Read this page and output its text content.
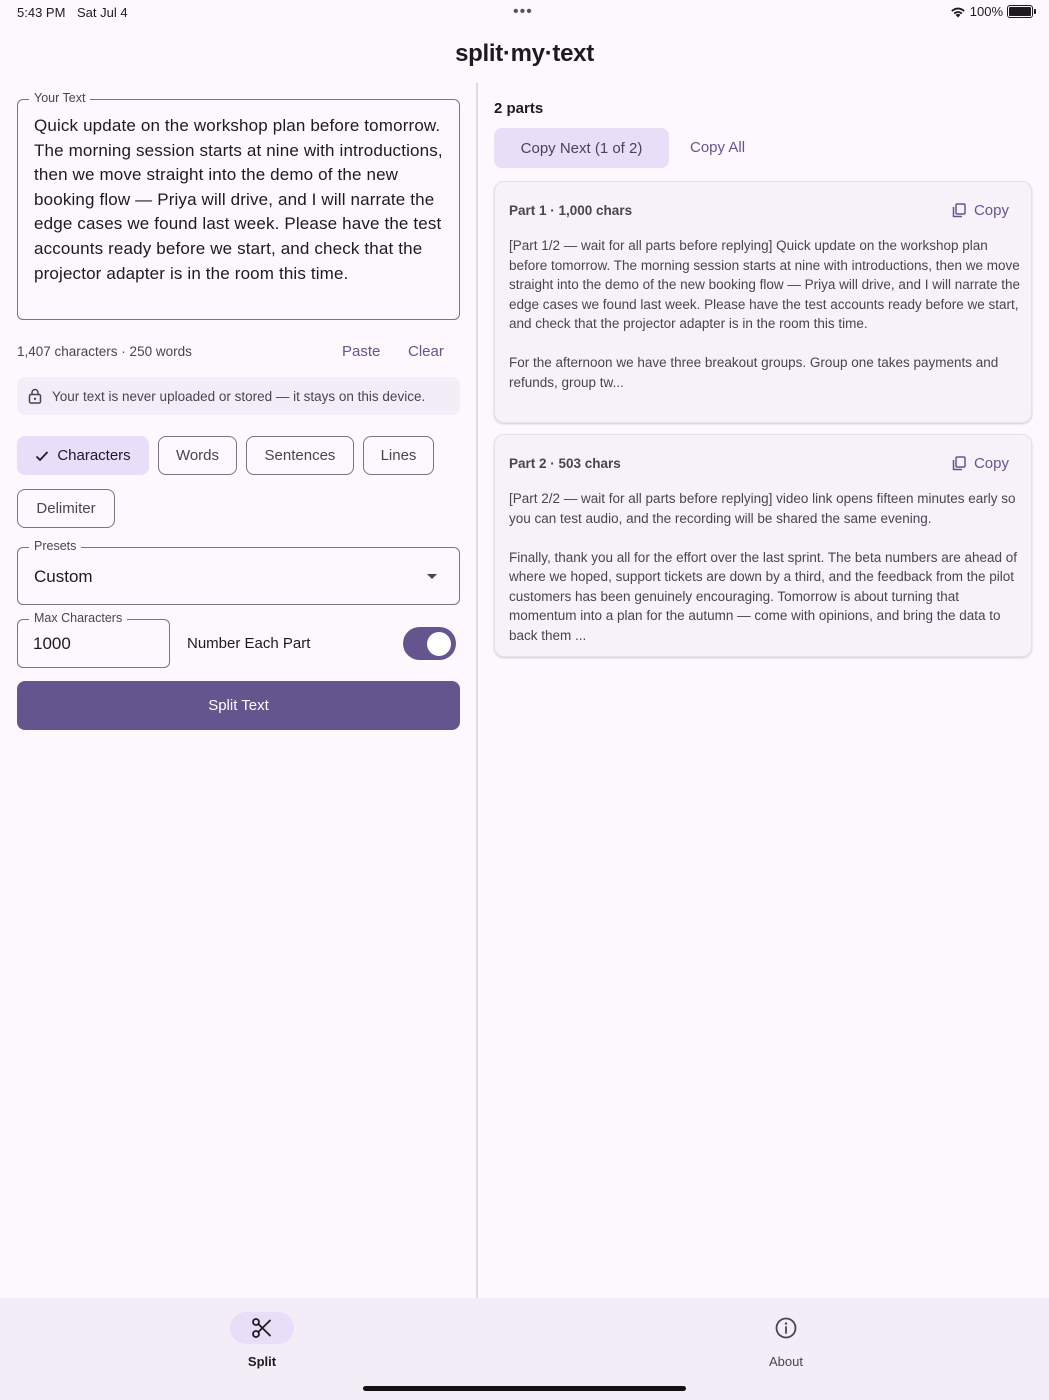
5:43 PM Sat Jul 4	•••	100%
split·my·text
Your Text
Quick update on the workshop plan before tomorrow. The morning session starts at nine with introductions, then we move straight into the demo of the new booking flow — Priya will drive, and I will narrate the edge cases we found last week. Please have the test accounts ready before we start, and check that the projector adapter is in the room this time.
1,407 characters · 250 words	Paste Clear
Your text is never uploaded or stored — it stays on this device.
Characters	Words	Sentences	Lines
Delimiter
Presets
Custom
Max Characters
1000	Number Each Part
Split Text
2 parts
Copy Next (1 of 2)	Copy All
Part 1 · 1,000 chars	Copy
[Part 1/2 — wait for all parts before replying] Quick update on the workshop plan before tomorrow. The morning session starts at nine with introductions, then we move straight into the demo of the new booking flow — Priya will drive, and I will narrate the edge cases we found last week. Please have the test accounts ready before we start, and check that the projector adapter is in the room this time.

For the afternoon we have three breakout groups. Group one takes payments and refunds, group tw...
Part 2 · 503 chars	Copy
[Part 2/2 — wait for all parts before replying] video link opens fifteen minutes early so you can test audio, and the recording will be shared the same evening.

Finally, thank you all for the effort over the last sprint. The beta numbers are ahead of where we hoped, support tickets are down by a third, and the feedback from the pilot customers has been genuinely encouraging. Tomorrow is about turning that momentum into a plan for the autumn — come with opinions, and bring the data to back them ...
Split	About
